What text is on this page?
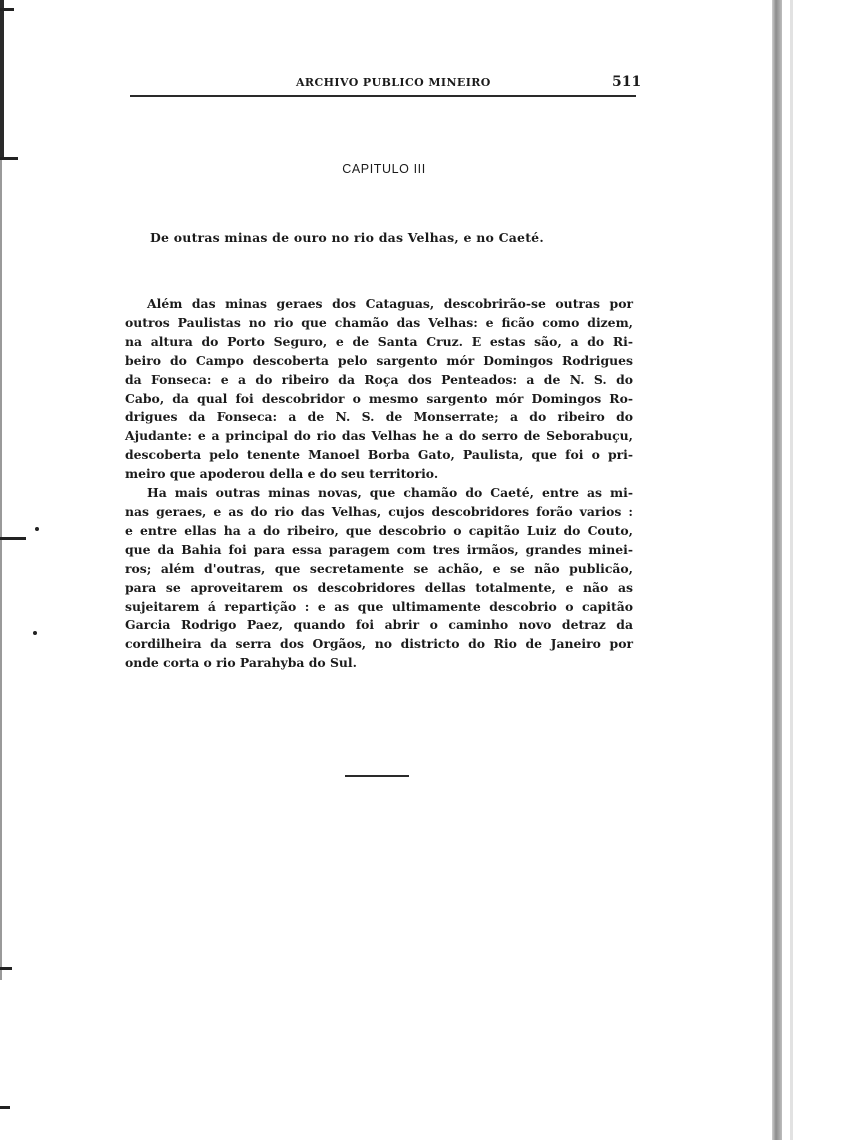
ARCHIVO PUBLICO MINEIRO	511
CAPITULO III
De outras minas de ouro no rio das Velhas, e no Caeté.
Além das minas geraes dos Cataguas, descobrirão-se outras por
outros Paulistas no rio que chamão das Velhas: e ficão como dizem,
na altura do Porto Seguro, e de Santa Cruz. E estas são, a do Ri-
beiro do Campo descoberta pelo sargento mór Domingos Rodrigues
da Fonseca: e a do ribeiro da Roça dos Penteados: a de N. S. do
Cabo, da qual foi descobridor o mesmo sargento mór Domingos Ro-
drigues da Fonseca: a de N. S. de Monserrate; a do ribeiro do
Ajudante: e a principal do rio das Velhas he a do serro de Seborabuçu,
descoberta pelo tenente Manoel Borba Gato, Paulista, que foi o pri-
meiro que apoderou della e do seu territorio.
Ha mais outras minas novas, que chamão do Caeté, entre as mi-
nas geraes, e as do rio das Velhas, cujos descobridores forão varios :
e entre ellas ha a do ribeiro, que descobrio o capitão Luiz do Couto,
que da Bahia foi para essa paragem com tres irmãos, grandes minei-
ros; além d'outras, que secretamente se achão, e se não publicão,
para se aproveitarem os descobridores dellas totalmente, e não as
sujeitarem á repartição : e as que ultimamente descobrio o capitão
Garcia Rodrigo Paez, quando foi abrir o caminho novo detraz da
cordilheira da serra dos Orgãos, no districto do Rio de Janeiro por
onde corta o rio Parahyba do Sul.
